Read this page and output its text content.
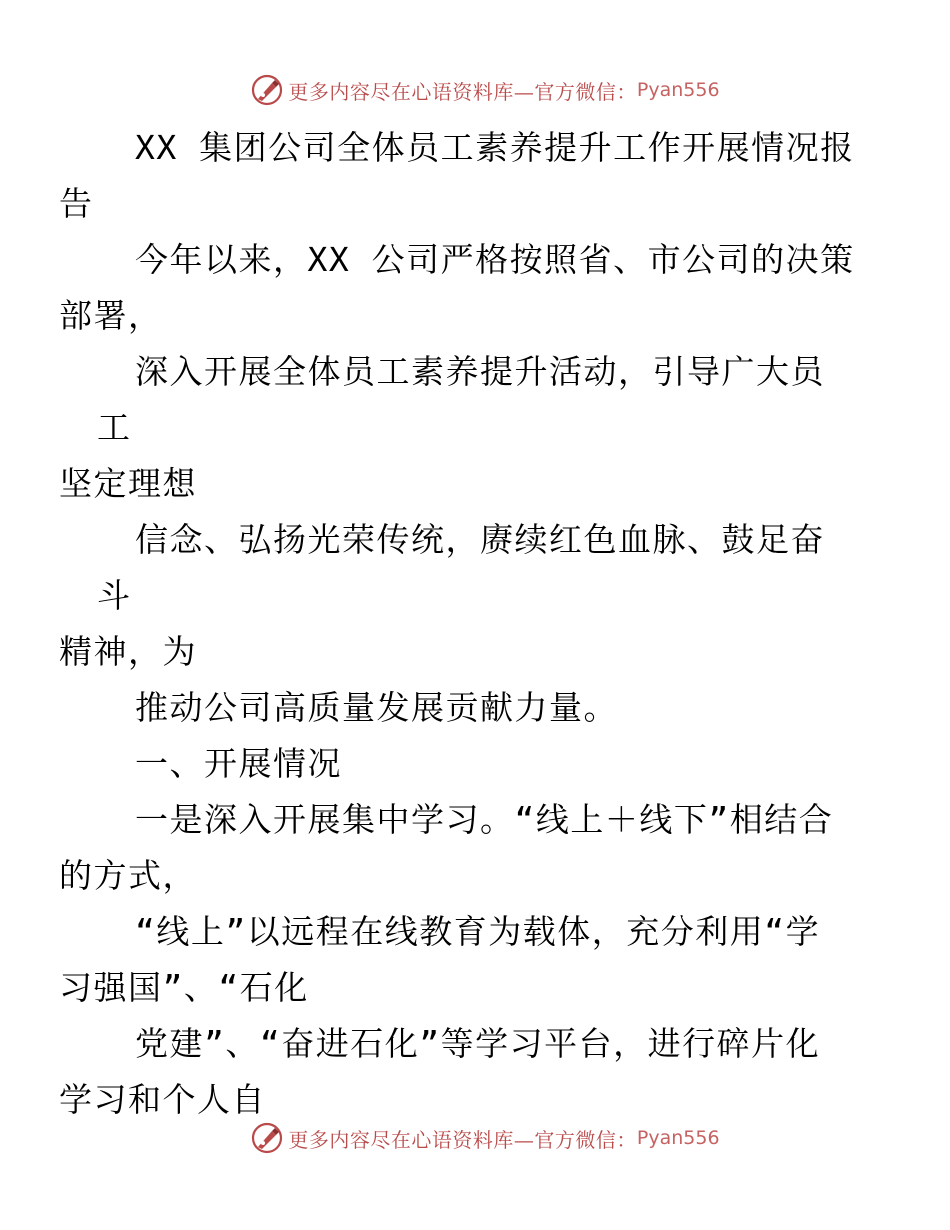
更多内容尽在心语资料库—官方微信： Pyan556

XX 集团公司全体员工素养提升工作开展情况报
告

今年以来，XX 公司严格按照省、市公司的决策
部署，

深入开展全体员工素养提升活动，引导广大员工
坚定理想

信念、弘扬光荣传统，赓续红色血脉、鼓足奋斗
精神，为

推动公司高质量发展贡献力量。

一、开展情况

一是深入开展集中学习。“线上＋线下”相结合
的方式，

“线上”以远程在线教育为载体，充分利用“学
习强国”、“石化

党建”、“奋进石化”等学习平台，进行碎片化
学习和个人自

更多内容尽在心语资料库—官方微信： Pyan556
